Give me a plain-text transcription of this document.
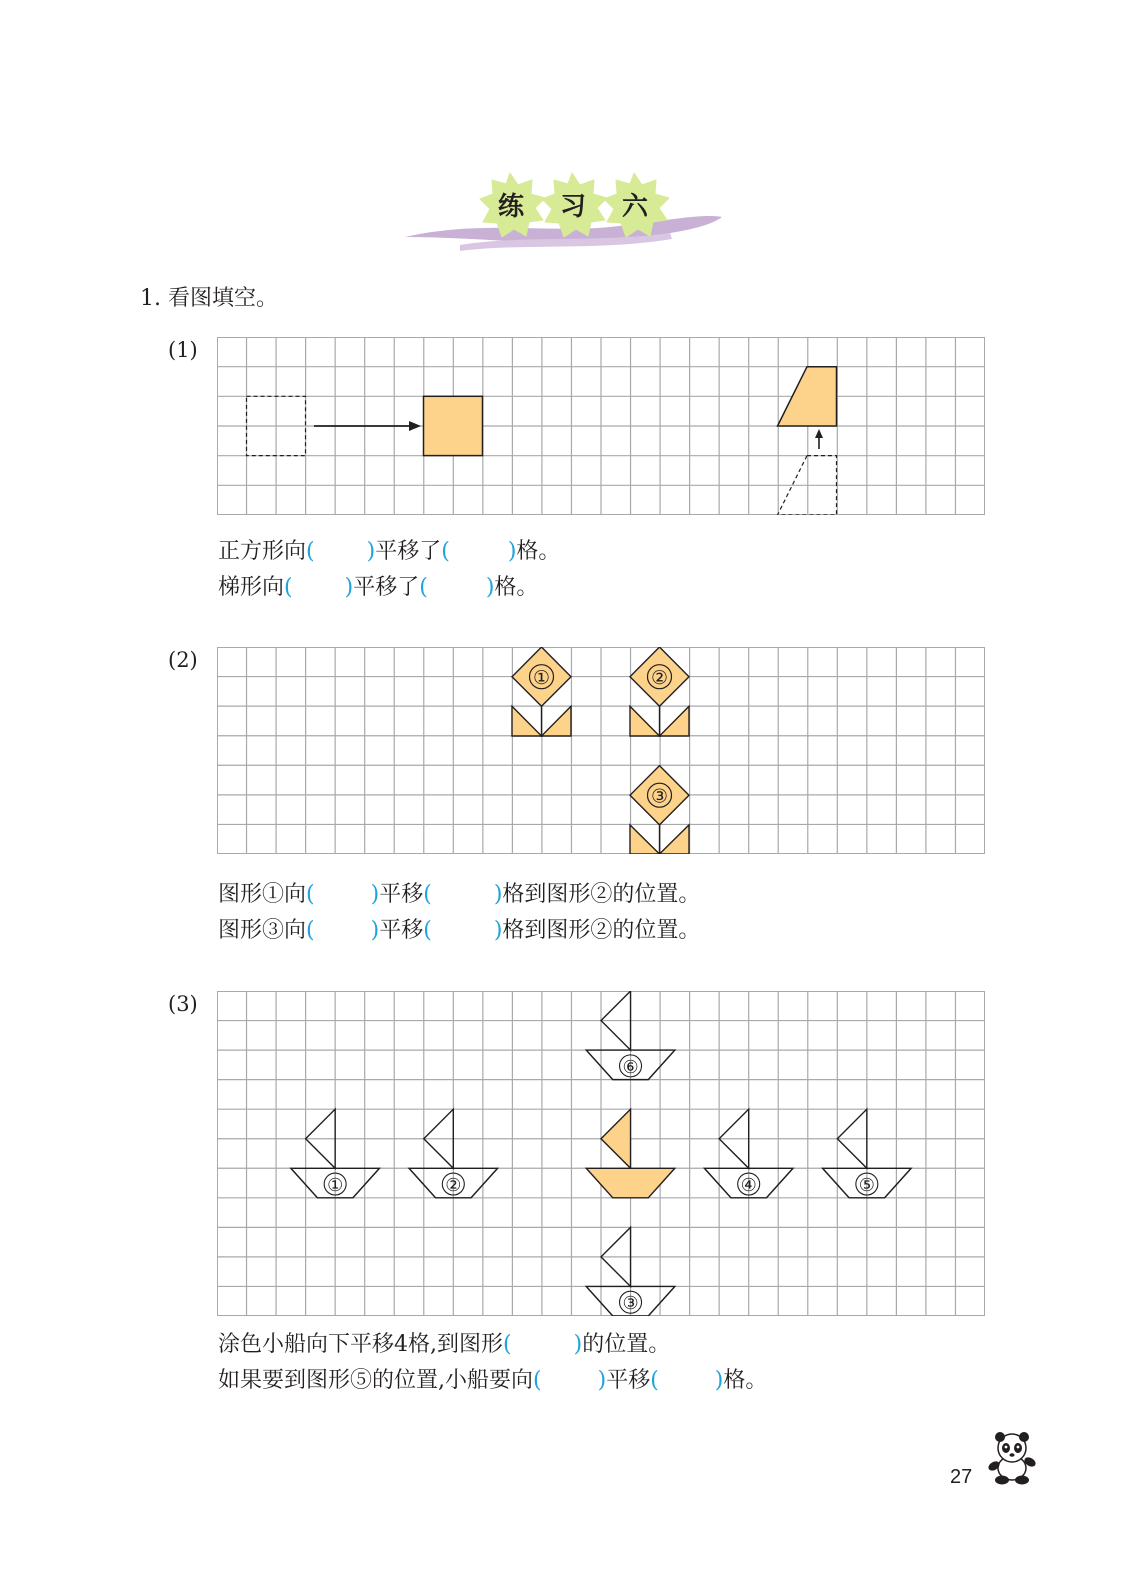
练 习 六
1. 看图填空。
(1)
正方形向( )平移了(	)格。
梯形向( )平移了(	)格。
(2)
①	②
③
图形①向(	)平移(	)格到图形②的位置。
图形③向(	)平移(	)格到图形②的位置。
(3)
①	②	④	⑤
⑥
③
涂色小船向下平移4格,到图形(	)的位置。
如果要到图形⑤的位置,小船要向(	)平移(	)格。
27
